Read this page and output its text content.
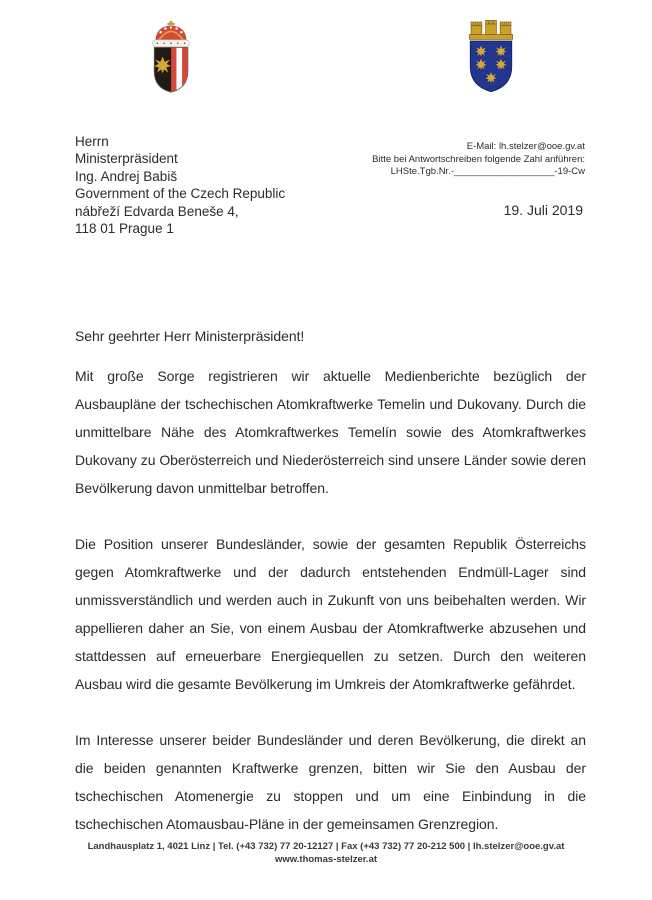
Herrn
Ministerpräsident
Ing. Andrej Babiš
Government of the Czech Republic
nábřeží Edvarda Beneše 4,
118 01 Prague 1
E-Mail: lh.stelzer@ooe.gv.at
Bitte bei Antwortschreiben folgende Zahl anführen:
LHSte.Tgb.Nr.-___________________-19-Cw
19. Juli 2019
Sehr geehrter Herr Ministerpräsident!

Mit große Sorge registrieren wir aktuelle Medienberichte bezüglich der Ausbaupläne der tschechischen Atomkraftwerke Temelin und Dukovany. Durch die unmittelbare Nähe des Atomkraftwerkes Temelín sowie des Atomkraftwerkes Dukovany zu Oberösterreich und Niederösterreich sind unsere Länder sowie deren Bevölkerung davon unmittelbar betroffen.

Die Position unserer Bundesländer, sowie der gesamten Republik Österreichs gegen Atomkraftwerke und der dadurch entstehenden Endmüll-Lager sind unmissverständlich und werden auch in Zukunft von uns beibehalten werden. Wir appellieren daher an Sie, von einem Ausbau der Atomkraftwerke abzusehen und stattdessen auf erneuerbare Energiequellen zu setzen. Durch den weiteren Ausbau wird die gesamte Bevölkerung im Umkreis der Atomkraftwerke gefährdet.

Im Interesse unserer beider Bundesländer und deren Bevölkerung, die direkt an die beiden genannten Kraftwerke grenzen, bitten wir Sie den Ausbau der tschechischen Atomenergie zu stoppen und um eine Einbindung in die tschechischen Atomausbau-Pläne in der gemeinsamen Grenzregion.

Landhausplatz 1, 4021 Linz | Tel. (+43 732) 77 20-12127 | Fax (+43 732) 77 20-212 500 | lh.stelzer@ooe.gv.at
www.thomas-stelzer.at
